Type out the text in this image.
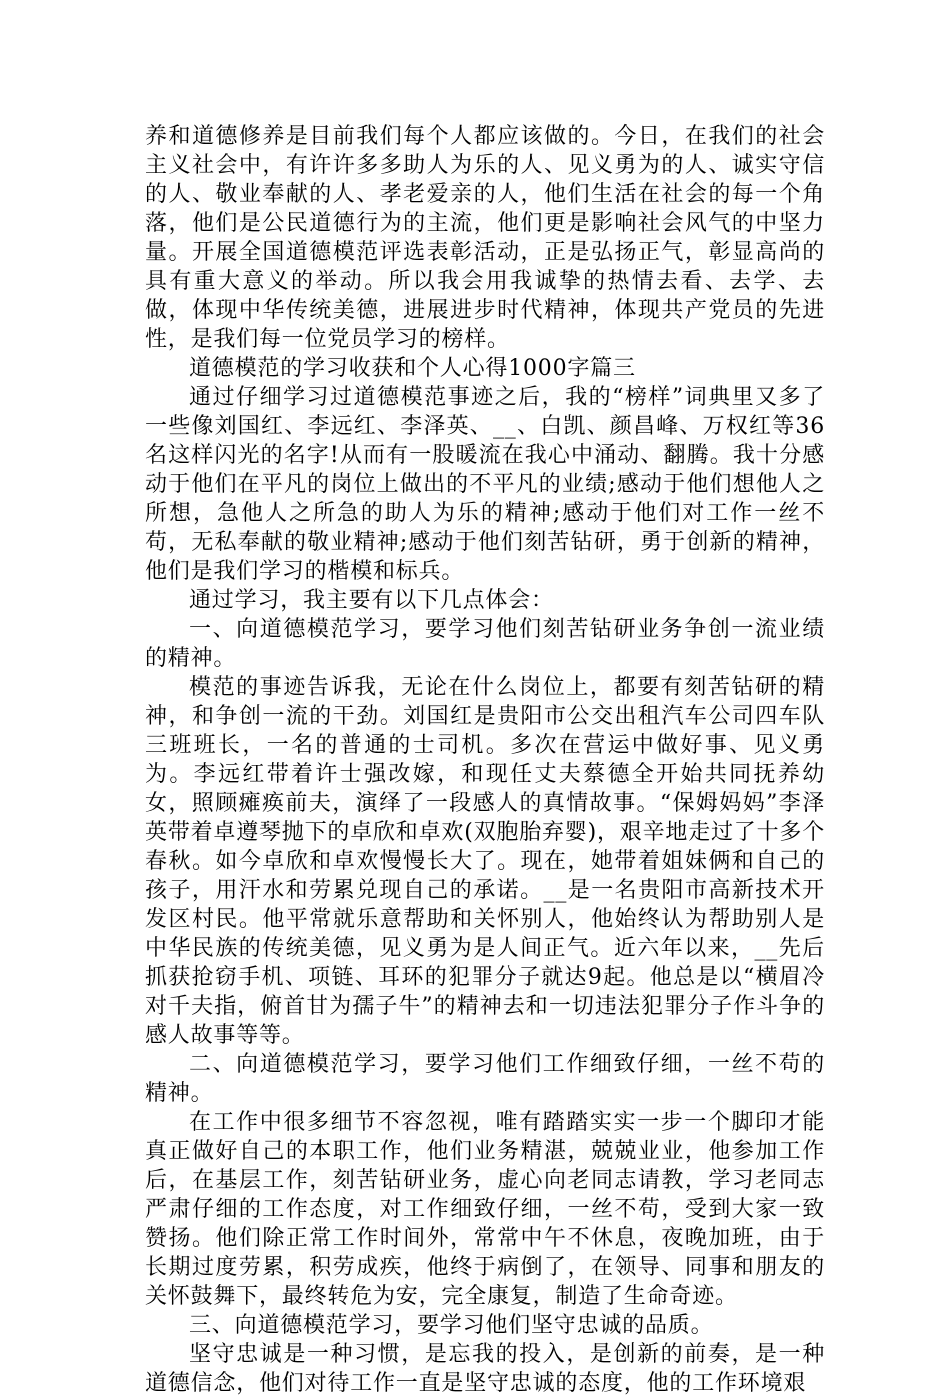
养和道德修养是目前我们每个人都应该做的。今日，在我们的社会主义社会中，有许许多多助人为乐的人、见义勇为的人、诚实守信的人、敬业奉献的人、孝老爱亲的人，他们生活在社会的每一个角落，他们是公民道德行为的主流，他们更是影响社会风气的中坚力量。开展全国道德模范评选表彰活动，正是弘扬正气，彰显高尚的具有重大意义的举动。所以我会用我诚挚的热情去看、去学、去做，体现中华传统美德，进展进步时代精神，体现共产党员的先进性，是我们每一位党员学习的榜样。

道德模范的学习收获和个人心得1000字篇三

通过仔细学习过道德模范事迹之后，我的“榜样”词典里又多了一些像刘国红、李远红、李泽英、__、白凯、颜昌峰、万权红等36名这样闪光的名字!从而有一股暖流在我心中涌动、翻腾。我十分感动于他们在平凡的岗位上做出的不平凡的业绩;感动于他们想他人之所想，急他人之所急的助人为乐的精神;感动于他们对工作一丝不苟，无私奉献的敬业精神;感动于他们刻苦钻研，勇于创新的精神，他们是我们学习的楷模和标兵。

通过学习，我主要有以下几点体会：

一、向道德模范学习，要学习他们刻苦钻研业务争创一流业绩的精神。

模范的事迹告诉我，无论在什么岗位上，都要有刻苦钻研的精神，和争创一流的干劲。刘国红是贵阳市公交出租汽车公司四车队三班班长，一名的普通的士司机。多次在营运中做好事、见义勇为。李远红带着许士强改嫁，和现任丈夫蔡德全开始共同抚养幼女，照顾瘫痪前夫，演绎了一段感人的真情故事。“保姆妈妈”李泽英带着卓遵琴抛下的卓欣和卓欢(双胞胎弃婴)，艰辛地走过了十多个春秋。如今卓欣和卓欢慢慢长大了。现在，她带着姐妹俩和自己的孩子，用汗水和劳累兑现自己的承诺。__是一名贵阳市高新技术开发区村民。他平常就乐意帮助和关怀别人，他始终认为帮助别人是中华民族的传统美德，见义勇为是人间正气。近六年以来，__先后抓获抢窃手机、项链、耳环的犯罪分子就达9起。他总是以“横眉冷对千夫指，俯首甘为孺子牛”的精神去和一切违法犯罪分子作斗争的感人故事等等。

二、向道德模范学习，要学习他们工作细致仔细，一丝不苟的精神。

在工作中很多细节不容忽视，唯有踏踏实实一步一个脚印才能真正做好自己的本职工作，他们业务精湛，兢兢业业，他参加工作后，在基层工作，刻苦钻研业务，虚心向老同志请教，学习老同志严肃仔细的工作态度，对工作细致仔细，一丝不苟，受到大家一致赞扬。他们除正常工作时间外，常常中午不休息，夜晚加班，由于长期过度劳累，积劳成疾，他终于病倒了，在领导、同事和朋友的关怀鼓舞下，最终转危为安，完全康复，制造了生命奇迹。

三、向道德模范学习，要学习他们坚守忠诚的品质。

坚守忠诚是一种习惯，是忘我的投入，是创新的前奏，是一种道德信念，他们对待工作一直是坚守忠诚的态度，他的工作环境艰
